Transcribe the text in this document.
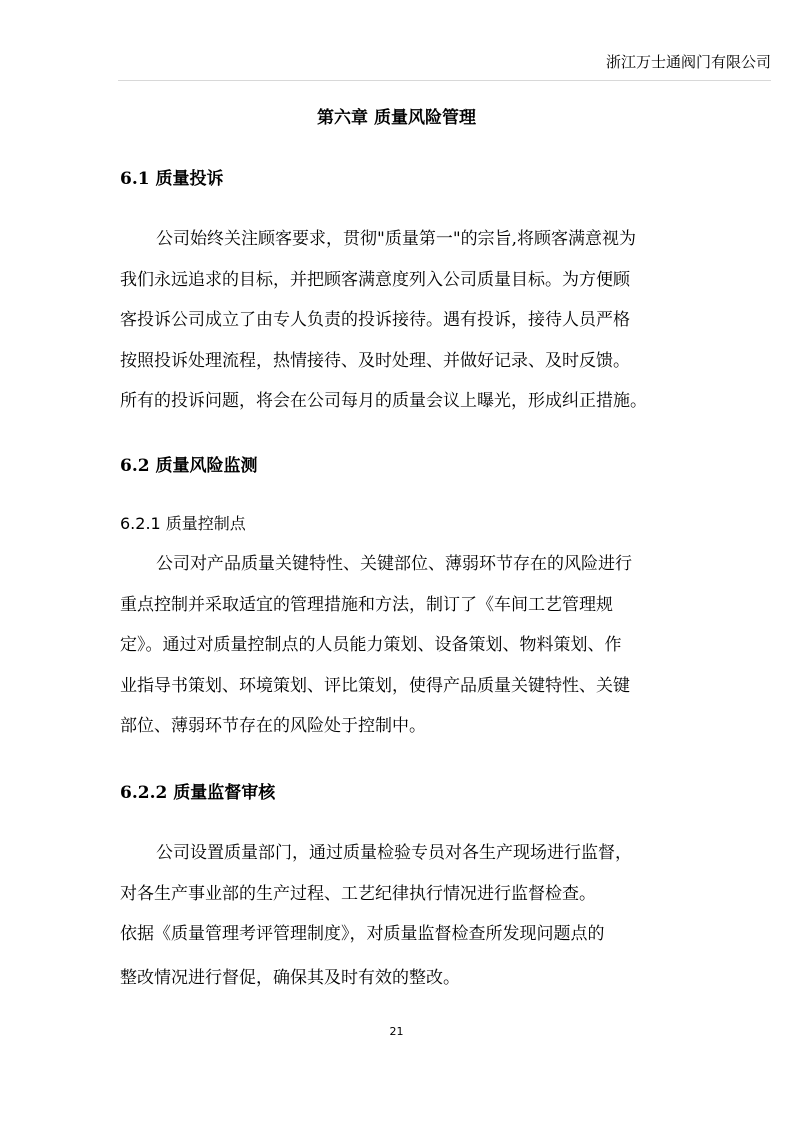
浙江万士通阀门有限公司
第六章 质量风险管理
6.1 质量投诉
公司始终关注顾客要求，贯彻"质量第一"的宗旨,将顾客满意视为
我们永远追求的目标，并把顾客满意度列入公司质量目标。为方便顾
客投诉公司成立了由专人负责的投诉接待。遇有投诉，接待人员严格
按照投诉处理流程，热情接待、及时处理、并做好记录、及时反馈。
所有的投诉问题，将会在公司每月的质量会议上曝光，形成纠正措施。
6.2 质量风险监测
6.2.1 质量控制点
公司对产品质量关键特性、关键部位、薄弱环节存在的风险进行
重点控制并采取适宜的管理措施和方法，制订了《车间工艺管理规
定》。通过对质量控制点的人员能力策划、设备策划、物料策划、作
业指导书策划、环境策划、评比策划，使得产品质量关键特性、关键
部位、薄弱环节存在的风险处于控制中。
6.2.2 质量监督审核
公司设置质量部门，通过质量检验专员对各生产现场进行监督，
对各生产事业部的生产过程、工艺纪律执行情况进行监督检查。
依据《质量管理考评管理制度》，对质量监督检查所发现问题点的
整改情况进行督促，确保其及时有效的整改。
21
